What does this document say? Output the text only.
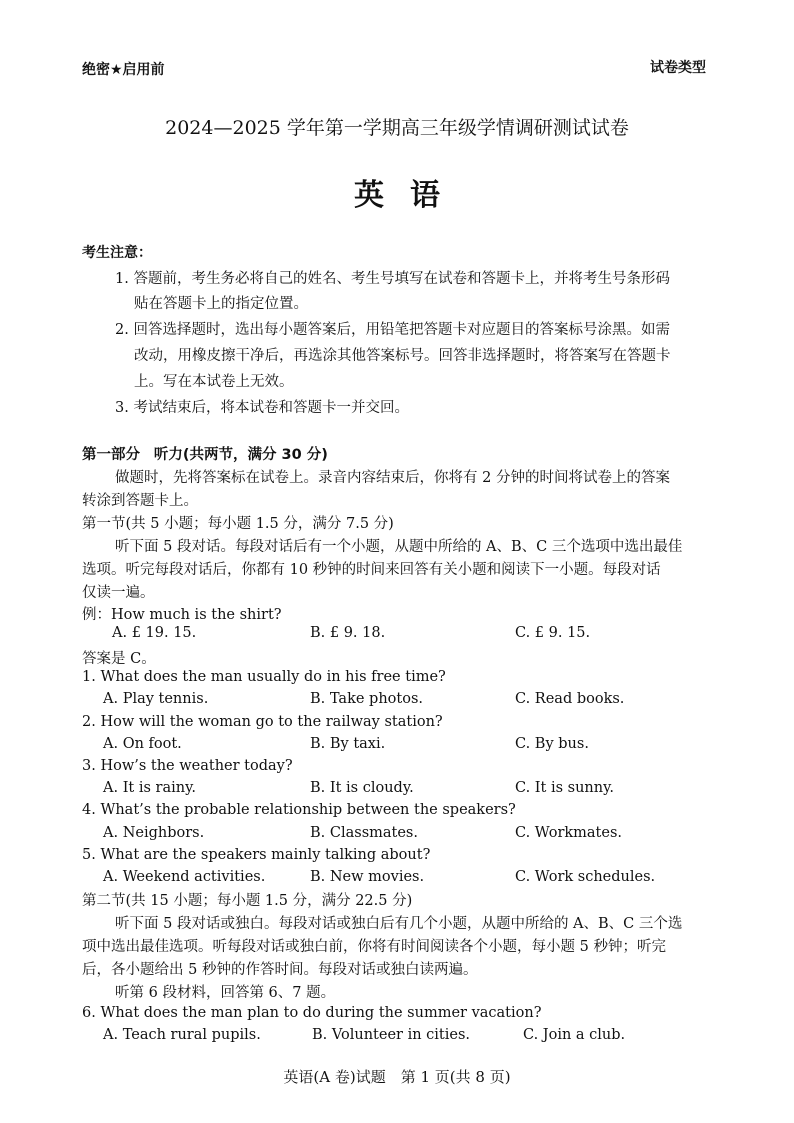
绝密★启用前	试卷类型
2024—2025 学年第一学期高三年级学情调研测试试卷
英语
考生注意：
1. 答题前，考生务必将自己的姓名、考生号填写在试卷和答题卡上，并将考生号条形码
贴在答题卡上的指定位置。
2. 回答选择题时，选出每小题答案后，用铅笔把答题卡对应题目的答案标号涂黑。如需
改动，用橡皮擦干净后，再选涂其他答案标号。回答非选择题时，将答案写在答题卡
上。写在本试卷上无效。
3. 考试结束后，将本试卷和答题卡一并交回。
第一部分 听力(共两节，满分 30 分)
做题时，先将答案标在试卷上。录音内容结束后，你将有 2 分钟的时间将试卷上的答案
转涂到答题卡上。
第一节(共 5 小题；每小题 1.5 分，满分 7.5 分)
听下面 5 段对话。每段对话后有一个小题，从题中所给的 A、B、C 三个选项中选出最佳
选项。听完每段对话后，你都有 10 秒钟的时间来回答有关小题和阅读下一小题。每段对话
仅读一遍。
例：How much is the shirt?
A. £ 19. 15.	B. £ 9. 18.	C. £ 9. 15.
答案是 C。
1. What does the man usually do in his free time?
A. Play tennis.	B. Take photos.	C. Read books.
2. How will the woman go to the railway station?
A. On foot.	B. By taxi.	C. By bus.
3. How’s the weather today?
A. It is rainy.	B. It is cloudy.	C. It is sunny.
4. What’s the probable relationship between the speakers?
A. Neighbors.	B. Classmates.	C. Workmates.
5. What are the speakers mainly talking about?
A. Weekend activities.	B. New movies.	C. Work schedules.
第二节(共 15 小题；每小题 1.5 分，满分 22.5 分)
听下面 5 段对话或独白。每段对话或独白后有几个小题，从题中所给的 A、B、C 三个选
项中选出最佳选项。听每段对话或独白前，你将有时间阅读各个小题，每小题 5 秒钟；听完
后，各小题给出 5 秒钟的作答时间。每段对话或独白读两遍。
听第 6 段材料，回答第 6、7 题。
6. What does the man plan to do during the summer vacation?
A. Teach rural pupils.	B. Volunteer in cities.	C. Join a club.
英语(A 卷)试题　第 1 页(共 8 页)
